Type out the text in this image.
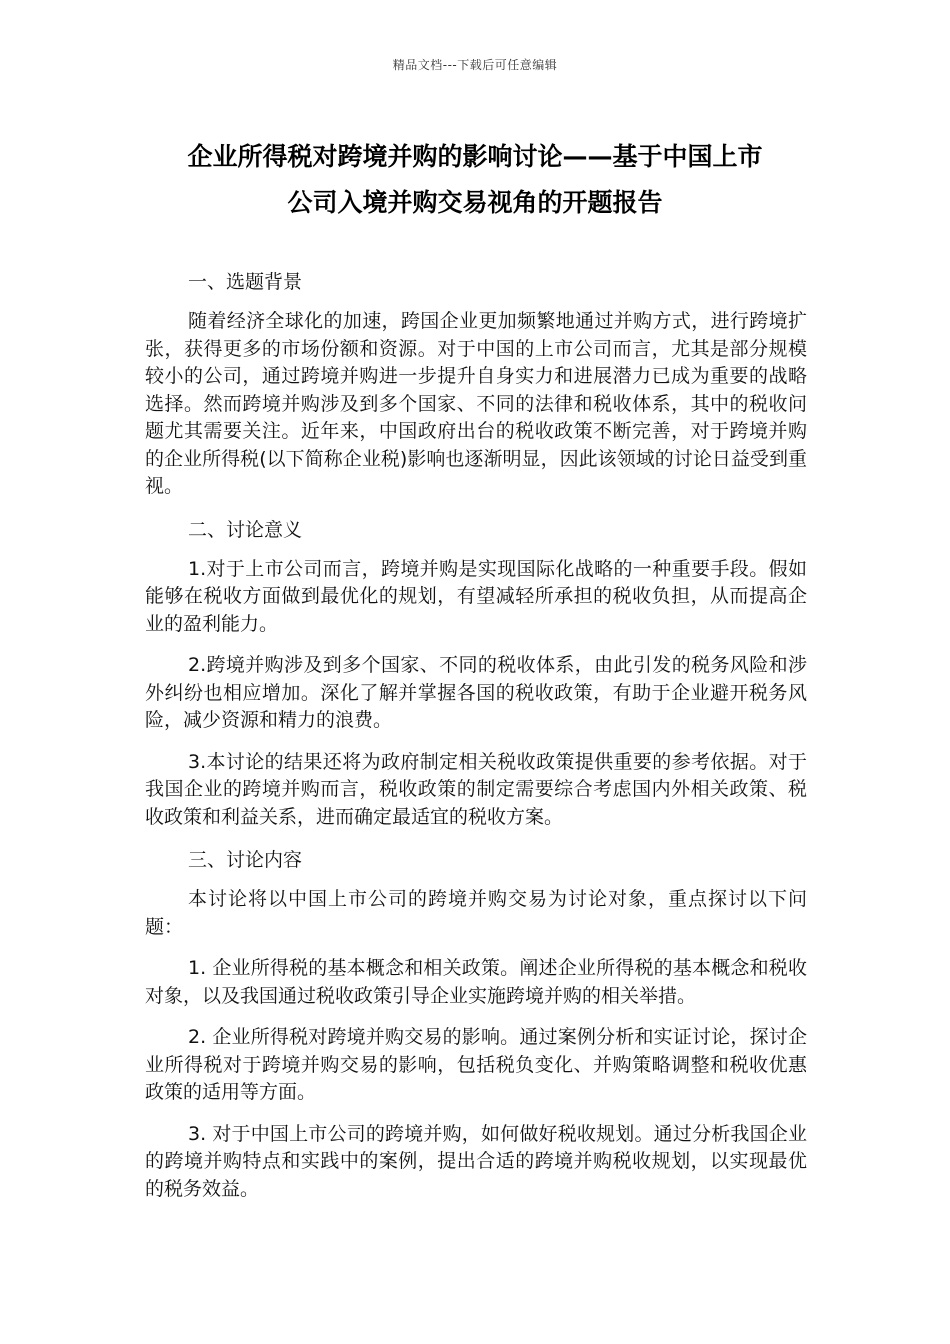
精品文档---下载后可任意编辑
企业所得税对跨境并购的影响讨论——基于中国上市
公司入境并购交易视角的开题报告
一、选题背景

随着经济全球化的加速，跨国企业更加频繁地通过并购方式，进行跨境扩张，获得更多的市场份额和资源。对于中国的上市公司而言，尤其是部分规模较小的公司，通过跨境并购进一步提升自身实力和进展潜力已成为重要的战略选择。然而跨境并购涉及到多个国家、不同的法律和税收体系，其中的税收问题尤其需要关注。近年来，中国政府出台的税收政策不断完善，对于跨境并购的企业所得税(以下简称企业税)影响也逐渐明显，因此该领域的讨论日益受到重视。

二、讨论意义

1.对于上市公司而言，跨境并购是实现国际化战略的一种重要手段。假如能够在税收方面做到最优化的规划，有望减轻所承担的税收负担，从而提高企业的盈利能力。

2.跨境并购涉及到多个国家、不同的税收体系，由此引发的税务风险和涉外纠纷也相应增加。深化了解并掌握各国的税收政策，有助于企业避开税务风险，减少资源和精力的浪费。

3.本讨论的结果还将为政府制定相关税收政策提供重要的参考依据。对于我国企业的跨境并购而言，税收政策的制定需要综合考虑国内外相关政策、税收政策和利益关系，进而确定最适宜的税收方案。

三、讨论内容

本讨论将以中国上市公司的跨境并购交易为讨论对象，重点探讨以下问题：

1. 企业所得税的基本概念和相关政策。阐述企业所得税的基本概念和税收对象，以及我国通过税收政策引导企业实施跨境并购的相关举措。

2. 企业所得税对跨境并购交易的影响。通过案例分析和实证讨论，探讨企业所得税对于跨境并购交易的影响，包括税负变化、并购策略调整和税收优惠政策的适用等方面。

3. 对于中国上市公司的跨境并购，如何做好税收规划。通过分析我国企业的跨境并购特点和实践中的案例，提出合适的跨境并购税收规划，以实现最优的税务效益。
